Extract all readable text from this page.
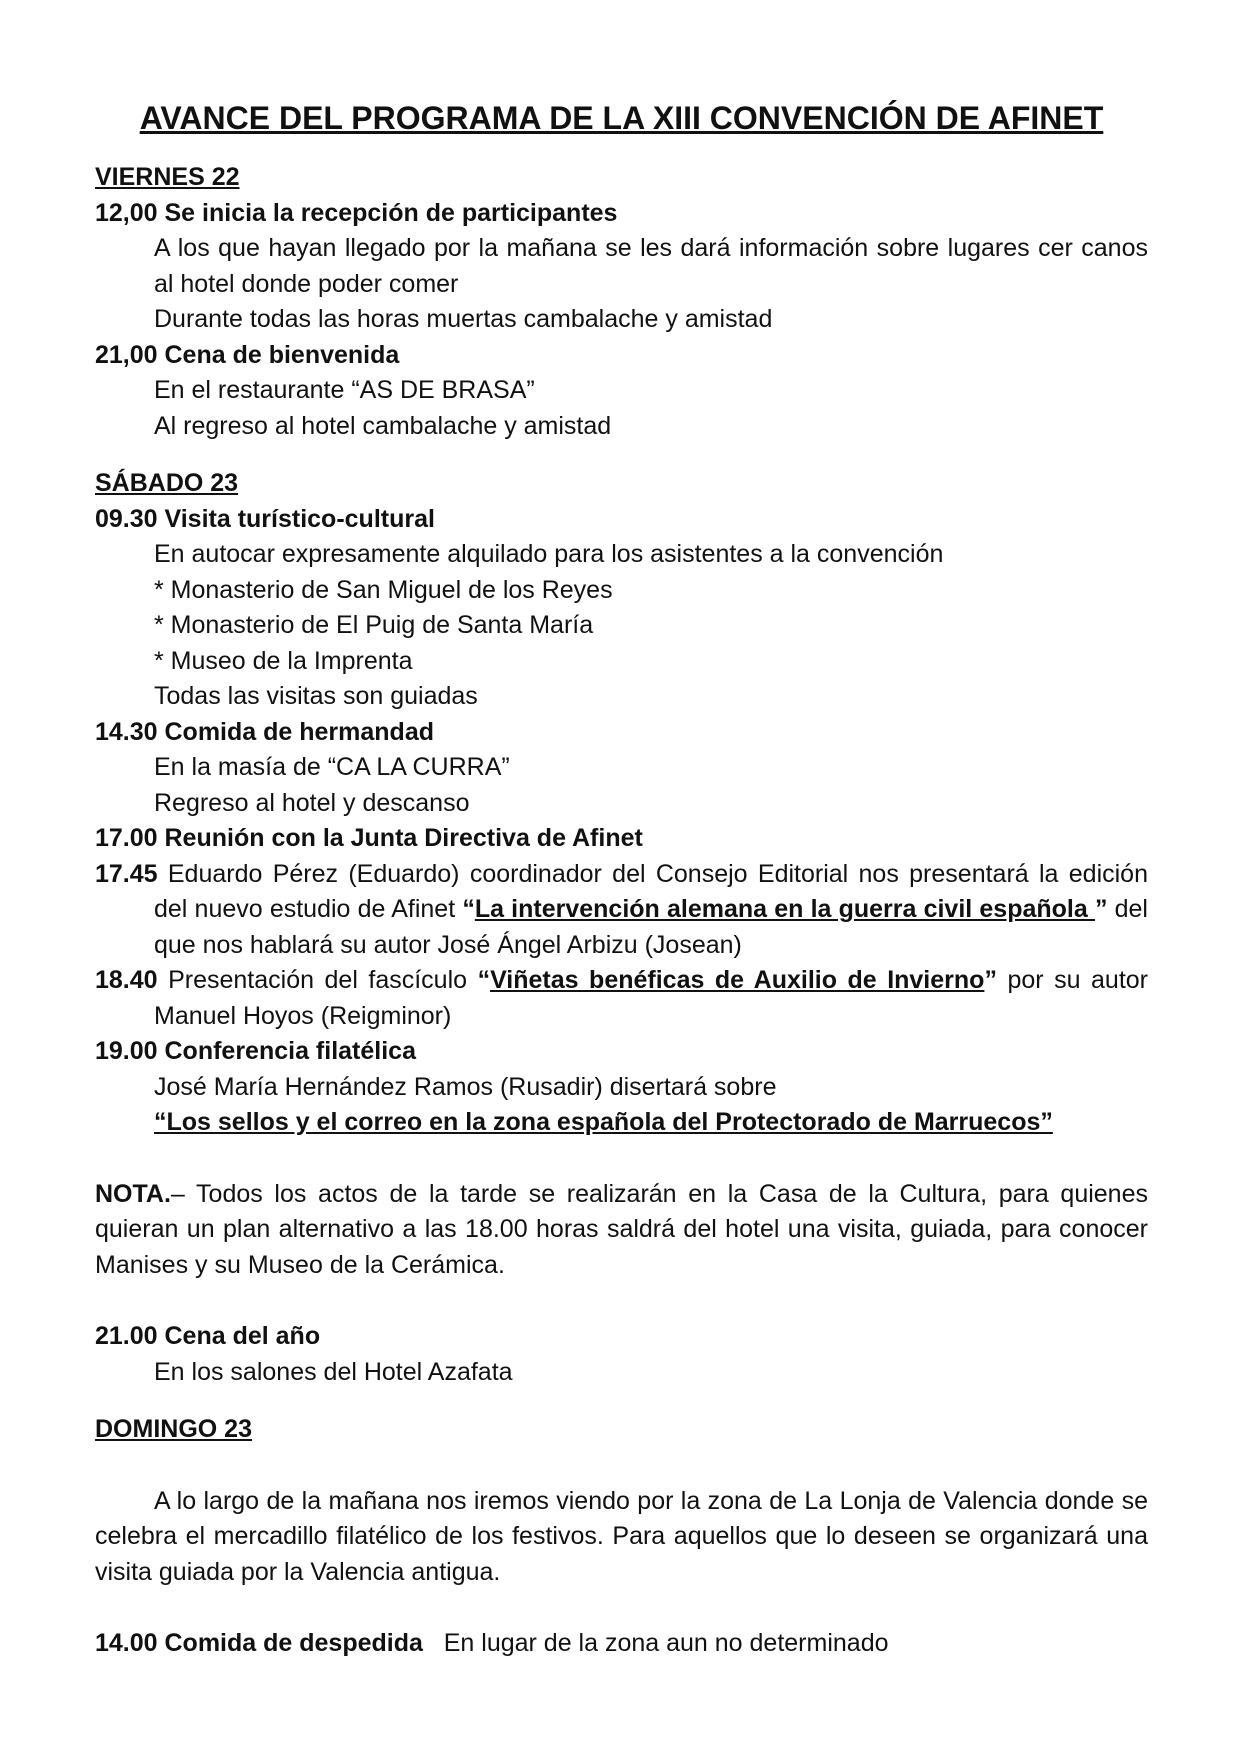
AVANCE DEL PROGRAMA DE LA XIII CONVENCIÓN DE AFINET

VIERNES 22

12,00 Se inicia la recepción de participantes

A los que hayan llegado por la mañana se les dará información sobre lugares cer canos al hotel donde poder comer

Durante todas las horas muertas cambalache y amistad

21,00 Cena de bienvenida

En el restaurante “AS DE BRASA”

Al regreso al hotel cambalache y amistad

SÁBADO 23

09.30 Visita turístico-cultural

En autocar expresamente alquilado para los asistentes a la convención

* Monasterio de San Miguel de los Reyes

* Monasterio de El Puig de Santa María

* Museo de la Imprenta

Todas las visitas son guiadas

14.30 Comida de hermandad

En la masía de “CA LA CURRA”

Regreso al hotel y descanso

17.00 Reunión con la Junta Directiva de Afinet

17.45 Eduardo Pérez (Eduardo) coordinador del Consejo Editorial nos presentará la edición del nuevo estudio de Afinet “La intervención alemana en la guerra civil española ” del que nos hablará su autor José Ángel Arbizu (Josean)

18.40 Presentación del fascículo “Viñetas benéficas de Auxilio de Invierno” por su autor Manuel Hoyos (Reigminor)

19.00 Conferencia filatélica

José María Hernández Ramos (Rusadir) disertará sobre

“Los sellos y el correo en la zona española del Protectorado de Marruecos”

NOTA.– Todos los actos de la tarde se realizarán en la Casa de la Cultura, para quienes quieran un plan alternativo a las 18.00 horas saldrá del hotel una visita, guiada, para conocer Manises y su Museo de la Cerámica.

21.00 Cena del año

En los salones del Hotel Azafata

DOMINGO 23

A lo largo de la mañana nos iremos viendo por la zona de La Lonja de Valencia donde se celebra el mercadillo filatélico de los festivos. Para aquellos que lo deseen se organizará una visita guiada por la Valencia antigua.

14.00 Comida de despedida   En lugar de la zona aun no determinado
